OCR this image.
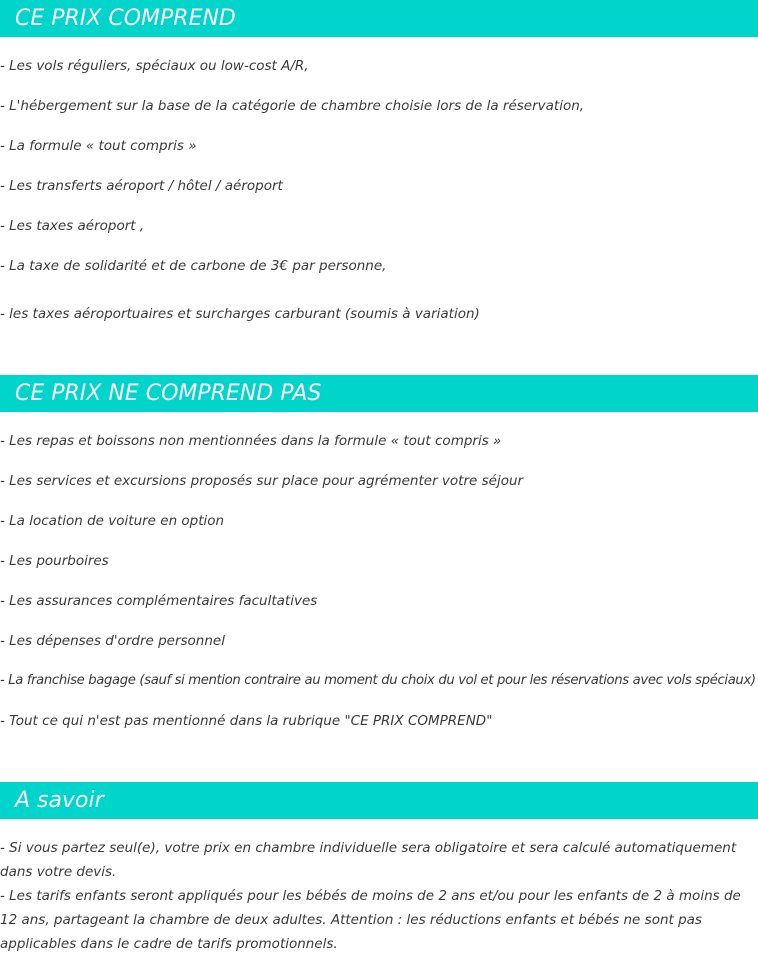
CE PRIX COMPREND
- Les vols réguliers, spéciaux ou low-cost A/R,
- L'hébergement sur la base de la catégorie de chambre choisie lors de la réservation,
- La formule « tout compris »
- Les transferts aéroport / hôtel / aéroport
- Les taxes aéroport ,
- La taxe de solidarité et de carbone de 3€ par personne,
- les taxes aéroportuaires et surcharges carburant (soumis à variation)
CE PRIX NE COMPREND PAS
- Les repas et boissons non mentionnées dans la formule « tout compris »
- Les services et excursions proposés sur place pour agrémenter votre séjour
- La location de voiture en option
- Les pourboires
- Les assurances complémentaires facultatives
- Les dépenses d'ordre personnel
- La franchise bagage (sauf si mention contraire au moment du choix du vol et pour les réservations avec vols spéciaux)
- Tout ce qui n'est pas mentionné dans la rubrique "CE PRIX COMPREND"
A savoir
- Si vous partez seul(e), votre prix en chambre individuelle sera obligatoire et sera calculé automatiquement dans votre devis.
- Les tarifs enfants seront appliqués pour les bébés de moins de 2 ans et/ou pour les enfants de 2 à moins de 12 ans, partageant la chambre de deux adultes. Attention : les réductions enfants et bébés ne sont pas applicables dans le cadre de tarifs promotionnels.
